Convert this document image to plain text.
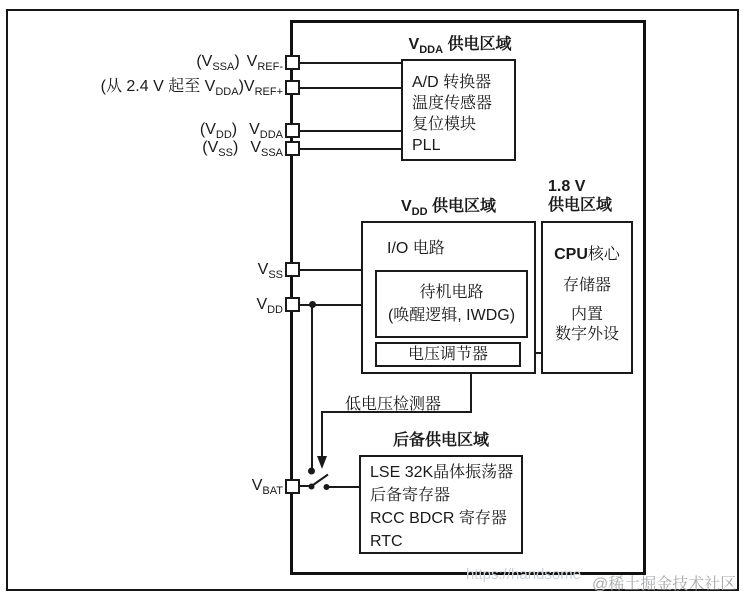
$(V_{SSA})$ $V_{REF-}$
(从 2.4 V 起至 $V_{DDA})V_{REF+}$
$(V_{DD})$ $V_{DDA}$
$(V_{SS})$ $V_{SSA}$
$V_{SS}$
$V_{DD}$
$V_{BAT}$
$V_{DDA}$ 供电区域
A/D 转换器
温度传感器
复位模块
PLL
$V_{DD}$ 供电区域
I/O 电路
待机电路
(唤醒逻辑, IWDG)
电压调节器
1.8 V
供电区域
CPU核心
存储器
内置
数字外设
低电压检测器
后备供电区域
LSE 32K晶体振荡器
后备寄存器
RCC BDCR 寄存器
RTC
https://handsome
@稀土掘金技术社区
